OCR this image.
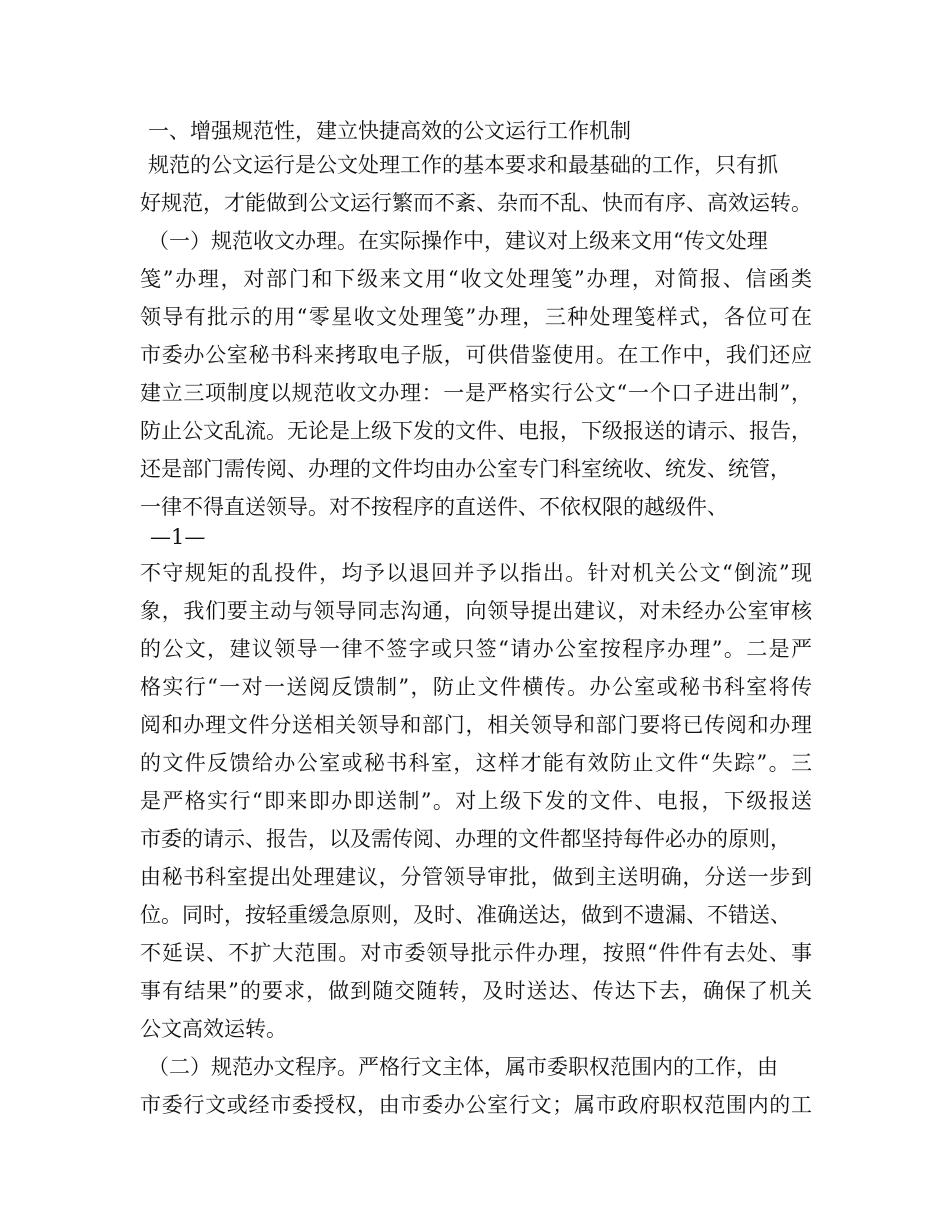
一、增强规范性，建立快捷高效的公文运行工作机制
规范的公文运行是公文处理工作的基本要求和最基础的工作，只有抓
好规范，才能做到公文运行繁而不紊、杂而不乱、快而有序、高效运转。
（一）规范收文办理。在实际操作中，建议对上级来文用“传文处理
笺”办理，对部门和下级来文用“收文处理笺”办理，对简报、信函类
领导有批示的用“零星收文处理笺”办理，三种处理笺样式，各位可在
市委办公室秘书科来拷取电子版，可供借鉴使用。在工作中，我们还应
建立三项制度以规范收文办理：一是严格实行公文“一个口子进出制”，
防止公文乱流。无论是上级下发的文件、电报，下级报送的请示、报告，
还是部门需传阅、办理的文件均由办公室专门科室统收、统发、统管，
一律不得直送领导。对不按程序的直送件、不依权限的越级件、
—1—
不守规矩的乱投件，均予以退回并予以指出。针对机关公文“倒流”现
象，我们要主动与领导同志沟通，向领导提出建议，对未经办公室审核
的公文，建议领导一律不签字或只签“请办公室按程序办理”。二是严
格实行“一对一送阅反馈制”，防止文件横传。办公室或秘书科室将传
阅和办理文件分送相关领导和部门，相关领导和部门要将已传阅和办理
的文件反馈给办公室或秘书科室，这样才能有效防止文件“失踪”。三
是严格实行“即来即办即送制”。对上级下发的文件、电报，下级报送
市委的请示、报告，以及需传阅、办理的文件都坚持每件必办的原则，
由秘书科室提出处理建议，分管领导审批，做到主送明确，分送一步到
位。同时，按轻重缓急原则，及时、准确送达，做到不遗漏、不错送、
不延误、不扩大范围。对市委领导批示件办理，按照“件件有去处、事
事有结果”的要求，做到随交随转，及时送达、传达下去，确保了机关
公文高效运转。
（二）规范办文程序。严格行文主体，属市委职权范围内的工作，由
市委行文或经市委授权，由市委办公室行文；属市政府职权范围内的工
